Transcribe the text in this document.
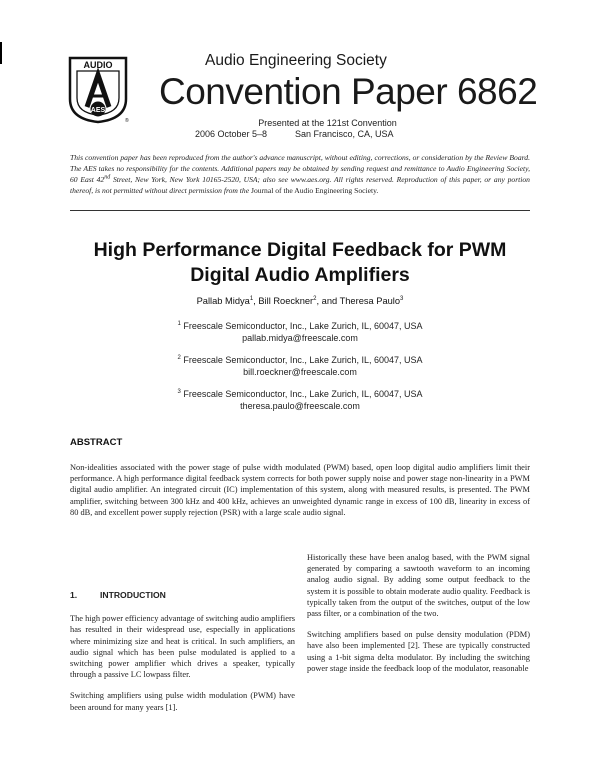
AUDIO
AES
®
Audio Engineering Society
Convention Paper 6862
Presented at the 121st Convention
2006 October 5–8	San Francisco, CA, USA
This convention paper has been reproduced from the author's advance manuscript, without editing, corrections, or consideration by the Review Board. The AES takes no responsibility for the contents. Additional papers may be obtained by sending request and remittance to Audio Engineering Society, 60 East 42nd Street, New York, New York 10165-2520, USA; also see www.aes.org. All rights reserved. Reproduction of this paper, or any portion thereof, is not permitted without direct permission from the Journal of the Audio Engineering Society.
High Performance Digital Feedback for PWM Digital Audio Amplifiers
Pallab Midya$^1$, Bill Roeckner$^2$, and Theresa Paulo$^3$
$^1$ Freescale Semiconductor, Inc., Lake Zurich, IL, 60047, USA
pallab.midya@freescale.com
$^2$ Freescale Semiconductor, Inc., Lake Zurich, IL, 60047, USA
bill.roeckner@freescale.com
$^3$ Freescale Semiconductor, Inc., Lake Zurich, IL, 60047, USA
theresa.paulo@freescale.com
ABSTRACT
Non-idealities associated with the power stage of pulse width modulated (PWM) based, open loop digital audio amplifiers limit their performance. A high performance digital feedback system corrects for both power supply noise and power stage non-linearity in a PWM digital audio amplifier. An integrated circuit (IC) implementation of this system, along with measured results, is presented. The PWM amplifier, switching between 300 kHz and 400 kHz, achieves an unweighted dynamic range in excess of 100 dB, linearity in excess of 80 dB, and excellent power supply rejection (PSR) with a large scale audio signal.
1.	INTRODUCTION

The high power efficiency advantage of switching audio amplifiers has resulted in their widespread use, especially in applications where minimizing size and heat is critical. In such amplifiers, an audio signal which has been pulse modulated is applied to a switching power amplifier which drives a speaker, typically through a passive LC lowpass filter.

Switching amplifiers using pulse width modulation (PWM) have been around for many years [1].

Historically these have been analog based, with the PWM signal generated by comparing a sawtooth waveform to an incoming analog audio signal. By adding some output feedback to the system it is possible to obtain moderate audio quality. Feedback is typically taken from the output of the switches, output of the low pass filter, or a combination of the two.

Switching amplifiers based on pulse density modulation (PDM) have also been implemented [2]. These are typically constructed using a 1-bit sigma delta modulator. By including the switching power stage inside the feedback loop of the modulator, reasonable
